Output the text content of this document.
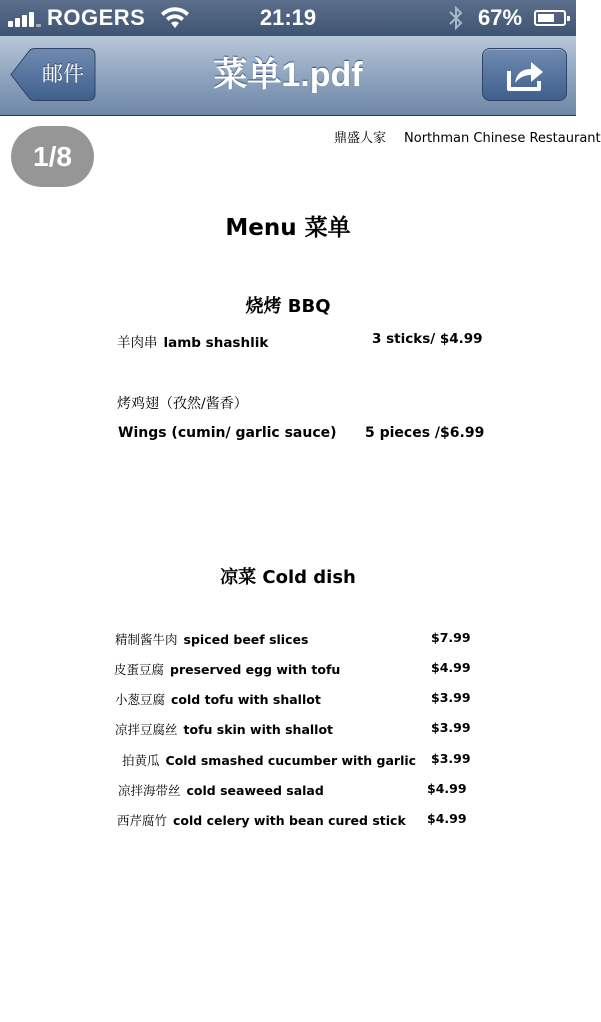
ROGERS	21:19	67%
邮件	菜单1.pdf
鼎盛人家 Northman Chinese Restaurant
Menu 菜单
烧烤 BBQ
羊肉串 lamb shashlik	3 sticks/ $4.99
烤鸡翅（孜然/酱香）
Wings (cumin/ garlic sauce) 5 pieces /$6.99
凉菜 Cold dish
精制酱牛肉 spiced beef slices	$7.99
皮蛋豆腐 preserved egg with tofu	$4.99
小葱豆腐 cold tofu with shallot	$3.99
凉拌豆腐丝 tofu skin with shallot	$3.99
拍黄瓜 Cold smashed cucumber with garlic $3.99
凉拌海带丝 cold seaweed salad	$4.99
西芹腐竹 cold celery with bean cured stick $4.99
1/8
